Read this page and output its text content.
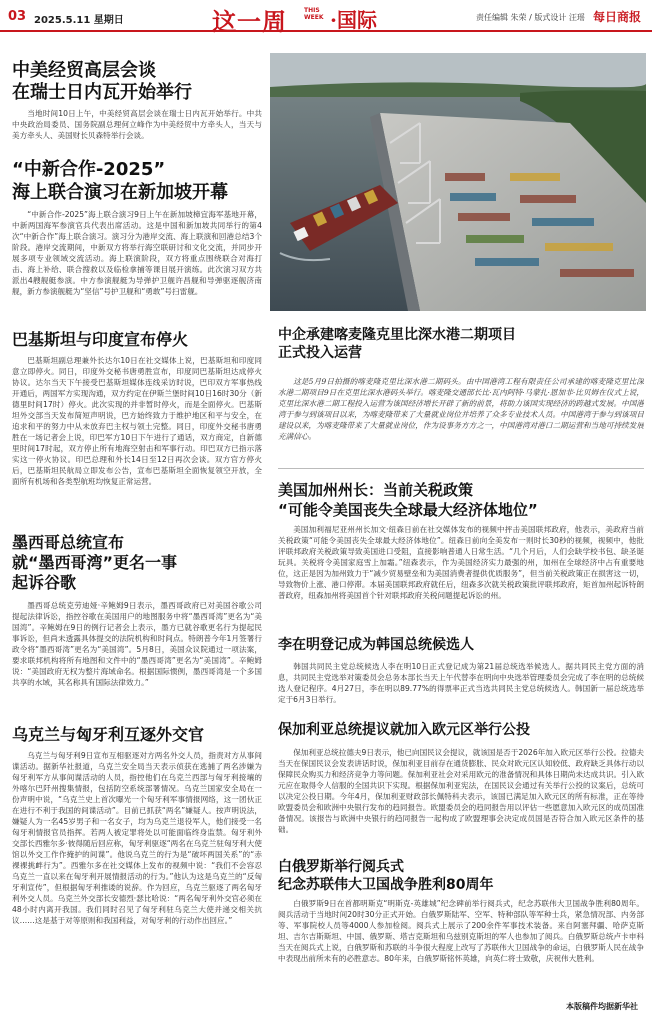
03 2025.5.11 星期日	这一周	THIS WEEK ·国际	责任编辑 朱荣 / 版式设计 汪瑶 每日商报
中美经贸高层会谈
在瑞士日内瓦开始举行
当地时间10日上午，中美经贸高层会谈在瑞士日内瓦开始举行。中共中央政治局委员、国务院副总理何立峰作为中美经贸中方牵头人，当天与美方牵头人、美国财长贝森特举行会谈。
“中新合作-2025”
海上联合演习在新加坡开幕
“中新合作-2025”海上联合演习9日上午在新加坡樟宜海军基地开幕，中新两国海军参演官兵代表出席活动。这是中国和新加坡共同举行的第4次“中新合作”海上联合演习。演习分为港岸交流、海上联演和回港总结3个阶段。港岸交流期间，中新双方将举行海空联研讨和文化交流，并同步开展多项专业领域交流活动。海上联演阶段，双方将重点围绕联合对海打击、海上补给、联合搜救以及临检拿捕等课目展开演练。此次演习双方共派出4艘舰艇参演。中方参演舰艇为导弹护卫舰许昌舰和导弹驱逐舰济南舰，新方参演舰艇为“坚信”号护卫舰和“勇敢”号扫雷舰。
巴基斯坦与印度宣布停火
巴基斯坦副总理兼外长达尔10日在社交媒体上说，巴基斯坦和印度同意立即停火。同日，印度外交秘书唐勇胜宣布，印度同巴基斯坦达成停火协议。达尔当天下午接受巴基斯坦媒体连线采访时说，巴印双方军事热线开通后，两国军方实现沟通，双方约定在伊斯兰堡时间10日16时30分（新德里时间17时）停火。此次实现的并非暂时停火，而是全面停火。巴基斯坦外交部当天发布简短声明说，巴方始终致力于维护地区和平与安全，在追求和平的努力中从未放弃巴主权与领土完整。同日，印度外交秘书唐勇胜在一场记者会上说，印巴军方10日下午进行了通话，双方商定，自新德里时间17时起，双方停止所有地海空射击和军事行动。印巴双方已指示落实这一停火协议。印巴总理和外长14日至12日再次会谈。双方官方停火后，巴基斯坦民航局立即发布公告，宣布巴基斯坦全面恢复领空开放，全面所有机场和各类型航班均恢复正常运营。
墨西哥总统宣布
就“墨西哥湾”更名一事
起诉谷歌
墨西哥总统克劳迪娅·辛鲍姆9日表示，墨西哥政府已对美国谷歌公司提起法律诉讼，指控谷歌在美国用户的地图服务中将“墨西哥湾”更名为“美国湾”。辛鲍姆在9日的例行记者会上表示，墨方已就谷歌更名行为提起民事诉讼，但尚未透露具体提交的法院机构和时间点。特朗普今年1月签署行政令将“墨西哥湾”更名为“美国湾”。5月8日，美国众议院通过一项法案，要求联邦机构将所有地图和文件中的“墨西哥湾”更名为“美国湾”。辛鲍姆说：“美国政府无权为整片海域命名。根据国际惯例，墨西哥湾是一个多国共享的水域，其名称具有国际法律效力。”
乌克兰与匈牙利互逐外交官
乌克兰与匈牙利9日宣布互相驱逐对方两名外交人员，指责对方从事间谍活动。据新华社报道，乌克兰安全局当天表示侦获在逃捕了两名涉嫌为匈牙利军方从事间谍活动的人员，指控他们在乌克兰西部与匈牙利接壤的外喀尔巴阡州搜集情报，包括防空系统部署情况。乌克兰国家安全局在一份声明中说，“乌克兰史上首次曝光一个匈牙利军事情报网络，这一团伙正在进行不利于我国的间谍活动”。目前已抓获“两名”嫌疑人。按声明说法，嫌疑人为一名45岁男子和一名女子，均为乌克兰退役军人，他们接受一名匈牙利情报官员指挥。若两人被定罪将处以可能面临终身监禁。匈牙利外交部长西雅尔多·彼得随后回应称，匈牙利驱逐“两名在乌克兰驻匈牙利大使馆以外交工作作掩护的间谍”。他说乌克兰的行为是“破坏两国关系”的“赤裸裸挑衅行为”。西雅尔多在社交媒体上发布的视频中说：“我们不会容忍乌克兰一直以来在匈牙利开展情报活动的行为。”他认为这是乌克兰的“反匈牙利宣传”，但根据匈牙利推诿的说辞。作为回应，乌克兰驱逐了两名匈牙利外交人员。乌克兰外交部长安德烈·瑟比哈说：“两名匈牙利外交官必须在48小时内离开我国。我们同时召见了匈牙利驻乌克兰大使并递交相关抗议……这是基于对等原则和我国利益，对匈牙利的行动作出回应。”
中企承建喀麦隆克里比深水港二期项目
正式投入运营
这是5月9日拍摄的喀麦隆克里比深水港二期码头。由中国港湾工程有限责任公司承建的喀麦隆克里比深水港二期项目9日在克里比深水港码头举行。喀麦隆交通部长比·瓦内阿特·马蒙扎·恩加非·比贝姆在仪式上说，克里比深水港二期工程投入运营为该国经济增长开辟了新的前景，将助力该国实现经济的跨越式发展。中国港湾于参与到该项目以来，为喀麦隆带来了大量就业岗位并培养了众多专业技术人员。中国港湾于参与到该项目建设以来，为喀麦隆带来了大量就业岗位，作为设事务方方之一，中国港湾对港口二期运营和当地可持续发展充满信心。
美国加州州长：当前关税政策
“可能令美国丧失全球最大经济体地位”
美国加利福尼亚州州长加文·纽森日前在社交媒体发布的视频中抨击美国联邦政府，他表示，美政府当前关税政策“可能令美国丧失全球最大经济体地位”。纽森日前向全美发布一则时长30秒的视频，视频中，他批评联邦政府关税政策导致美国进口受阻，直接影响普通人日常生活。“几个月后，人们会缺学校书包、缺圣诞玩具。关税将令美国家庭雪上加霜。”纽森表示，作为美国经济实力最强的州，加州在全球经济中占有重要地位，这正是因为加州致力于“减少贸易壁垒和为美国消费者提供优质服务”，但当前关税政策正在损害这一切，导致物价上涨、港口停滞。本届美国联邦政府就任后，纽森多次就关税政策批评联邦政府，矩首加州起诉特朗普政府，纽森加州将美国首个针对联邦政府关税问题提起诉讼的州。
李在明登记成为韩国总统候选人
韩国共同民主党总统候选人李在明10日正式登记成为第21届总统选举候选人。据共同民主党方面的消息，共同民主党选举对策委员会总务本部长当天上午代替李在明向中央选举管理委员会完成了李在明的总统候选人登记程序。4月27日，李在明以89.77%的得票率正式当选共同民主党总统候选人。韩国新一届总统选举定于6月3日举行。
保加利亚总统提议就加入欧元区举行公投
保加利亚总统拉德夫9日表示，他已向国民议会提议，就该国是否于2026年加入欧元区举行公投。拉德夫当天在保国民议会发表讲话时说，保加利亚目前存在通货膨胀、民众对欧元区认知较低、政府缺乏具体行动以保障民众购买力和经济竞争力等问题。保加利亚社会对采用欧元的准备情况和具体日期尚未达成共识。引入欧元应在取得令人信服的全国共识下实现。根据保加利亚宪法，在国民议会通过有关举行公投的议案后，总统可以决定公投日期。今年4月，保加利亚财政部长佩特科夫表示，该国已满足加入欧元区的所有标准，正在等待欧盟委员会和欧洲中央银行发布的趋同报告。欧盟委员会的趋同报告用以评估一些愿意加入欧元区的成员国准备情况。该报告与欧洲中央银行的趋同报告一起构成了欧盟理事会决定成员国是否符合加入欧元区条件的基础。
白俄罗斯举行阅兵式
纪念苏联伟大卫国战争胜利80周年
白俄罗斯9日在首都明斯克“明斯克-英雄城”纪念碑前举行阅兵式，纪念苏联伟大卫国战争胜利80周年。阅兵活动于当地时间20时30分正式开始。白俄罗斯陆军、空军、特种部队等军种士兵，紧急情况部、内务部等、军事院校人员等4000人参加检阅。阅兵式上展示了200余件军事技术装备。来自阿塞拜疆、哈萨克斯坦、吉尔吉斯斯坦、中国、俄罗斯、塔吉克斯坦和乌兹别克斯坦的军人也参加了阅兵。白俄罗斯总统卢卡申科当天在阅兵式上说，白俄罗斯和苏联的斗争很大程度上改写了苏联伟大卫国战争的命运，白俄罗斯人民在战争中表现出前所未有的必胜意志。80年来，白俄罗斯铭怀英雄，向英仁将士致敬，庆祝伟大胜利。
本版稿件均据新华社
